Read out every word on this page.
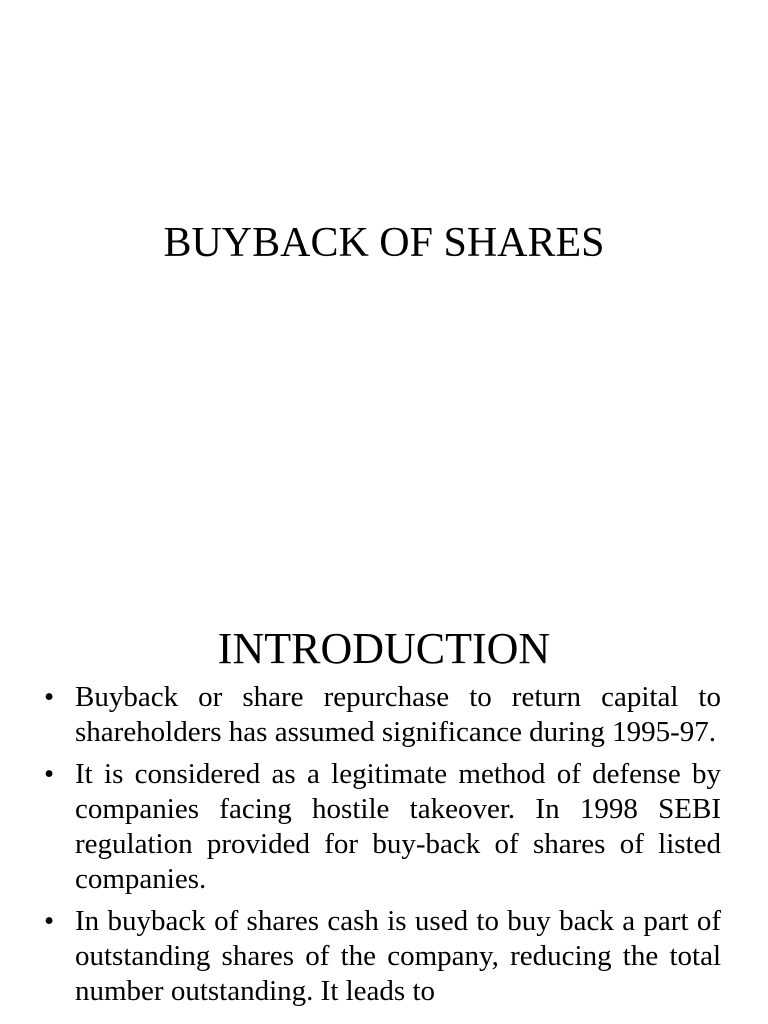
BUYBACK OF SHARES
INTRODUCTION
• Buyback or share repurchase to return capital to shareholders has assumed significance during 1995-97.
• It is considered as a legitimate method of defense by companies facing hostile takeover. In 1998 SEBI regulation provided for buy-back of shares of listed companies.
• In buyback of shares cash is used to buy back a part of outstanding shares of the company, reducing the total number outstanding. It leads to
